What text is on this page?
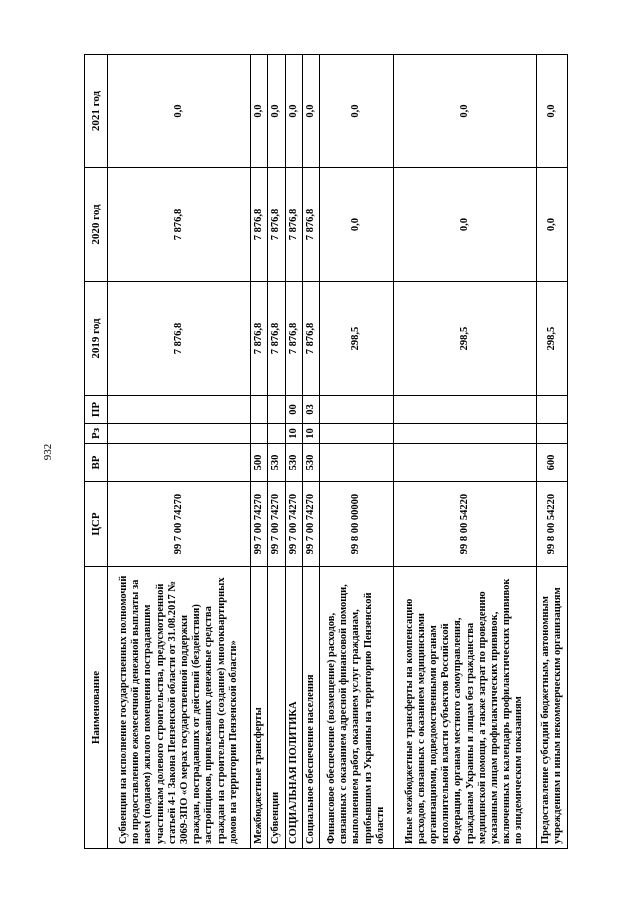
932
Наименование	ЦСР	ВР	Рз	ПР	2019 год	2020 год	2021 год
Субвенции на исполнение государственных полномочий по предоставлению ежемесячной денежной выплаты за наем (поднаем) жилого помещения пострадавшим участникам долевого строительства, предусмотренной статьей 4-1 Закона Пензенской области от 31.08.2017 № 3069-ЗПО «О мерах государственной поддержки граждан, пострадавших от действий (бездействия) застройщиков, привлекавших денежные средства граждан на строительство (создание) многоквартирных домов на территории Пензенской области»	99 7 00 74270				7 876,8	7 876,8	0,0
Межбюджетные трансферты	99 7 00 74270	500			7 876,8	7 876,8	0,0
Субвенции	99 7 00 74270	530			7 876,8	7 876,8	0,0
СОЦИАЛЬНАЯ ПОЛИТИКА	99 7 00 74270	530	10	00	7 876,8	7 876,8	0,0
Социальное обеспечение населения	99 7 00 74270	530	10	03	7 876,8	7 876,8	0,0
Финансовое обеспечение (возмещение) расходов, связанных с оказанием адресной финансовой помощи, выполнением работ, оказанием услуг гражданам, прибывшим из Украины на территорию Пензенской области	99 8 00 00000				298,5	0,0	0,0
Иные межбюджетные трансферты на компенсацию расходов, связанных с оказанием медицинскими организациями, подведомственными органам исполнительной власти субъектов Российской Федерации, органам местного самоуправления, гражданам Украины и лицам без гражданства медицинской помощи, а также затрат по проведению указанным лицам профилактических прививок, включенных в календарь профилактических прививок по эпидемическим показаниям	99 8 00 54220				298,5	0,0	0,0
Предоставление субсидий бюджетным, автономным учреждениям и иным некоммерческим организациям	99 8 00 54220	600			298,5	0,0	0,0
